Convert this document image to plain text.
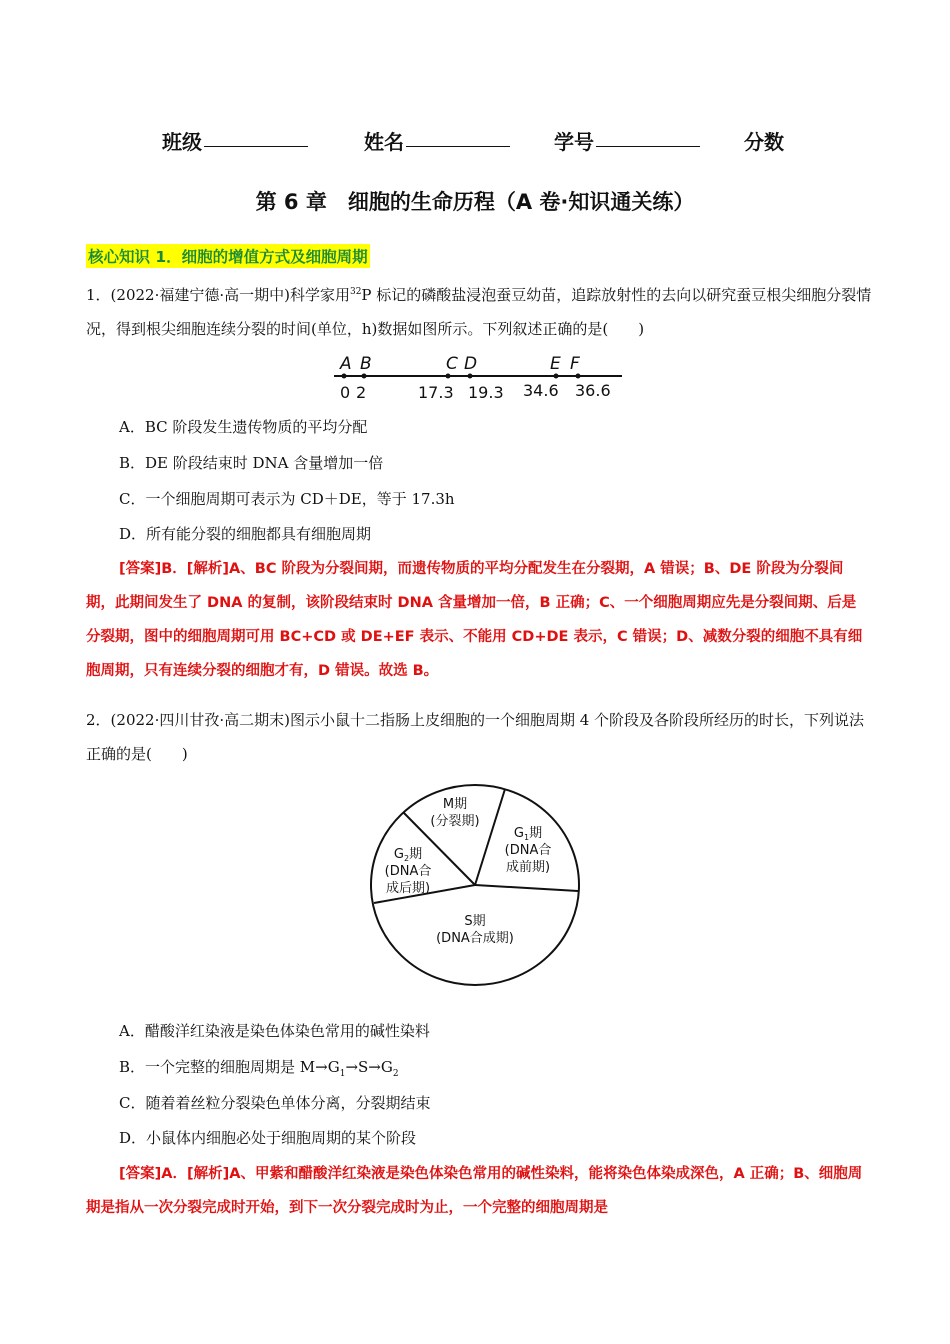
班级	姓名	学号	分数
第 6 章　细胞的生命历程（A 卷·知识通关练）
核心知识 1．细胞的增值方式及细胞周期
1．(2022·福建宁德·高一期中)科学家用$^{32}$P 标记的磷酸盐浸泡蚕豆幼苗，追踪放射性的去向以研究蚕豆根尖细胞分裂情况，得到根尖细胞连续分裂的时间(单位，h)数据如图所示。下列叙述正确的是(　　)
A B	C D	E F
0 2	17.3 19.3 34.6 36.6
A．BC 阶段发生遗传物质的平均分配
B．DE 阶段结束时 DNA 含量增加一倍
C．一个细胞周期可表示为 CD＋DE，等于 17.3h
D．所有能分裂的细胞都具有细胞周期
[答案]B．[解析]A、BC 阶段为分裂间期，而遗传物质的平均分配发生在分裂期，A 错误；B、DE 阶段为分裂间期，此期间发生了 DNA 的复制，该阶段结束时 DNA 含量增加一倍，B 正确；C、一个细胞周期应先是分裂间期、后是分裂期，图中的细胞周期可用 BC+CD 或 DE+EF 表示、不能用 CD+DE 表示，C 错误；D、减数分裂的细胞不具有细胞周期，只有连续分裂的细胞才有，D 错误。故选 B。
2．(2022·四川甘孜·高二期末)图示小鼠十二指肠上皮细胞的一个细胞周期 4 个阶段及各阶段所经历的时长，下列说法正确的是(　　)
M期
(分裂期)
$G_1$期
(DNA合
成前期)
$G_2$期
(DNA合
成后期)
S期
(DNA合成期)
A．醋酸洋红染液是染色体染色常用的碱性染料
B．一个完整的细胞周期是 $M\to G_1\to S\to G_2$
C．随着着丝粒分裂染色单体分离，分裂期结束
D．小鼠体内细胞必处于细胞周期的某个阶段
[答案]A．[解析]A、甲紫和醋酸洋红染液是染色体染色常用的碱性染料，能将染色体染成深色，A 正确；B、细胞周期是指从一次分裂完成时开始，到下一次分裂完成时为止，一个完整的细胞周期是
